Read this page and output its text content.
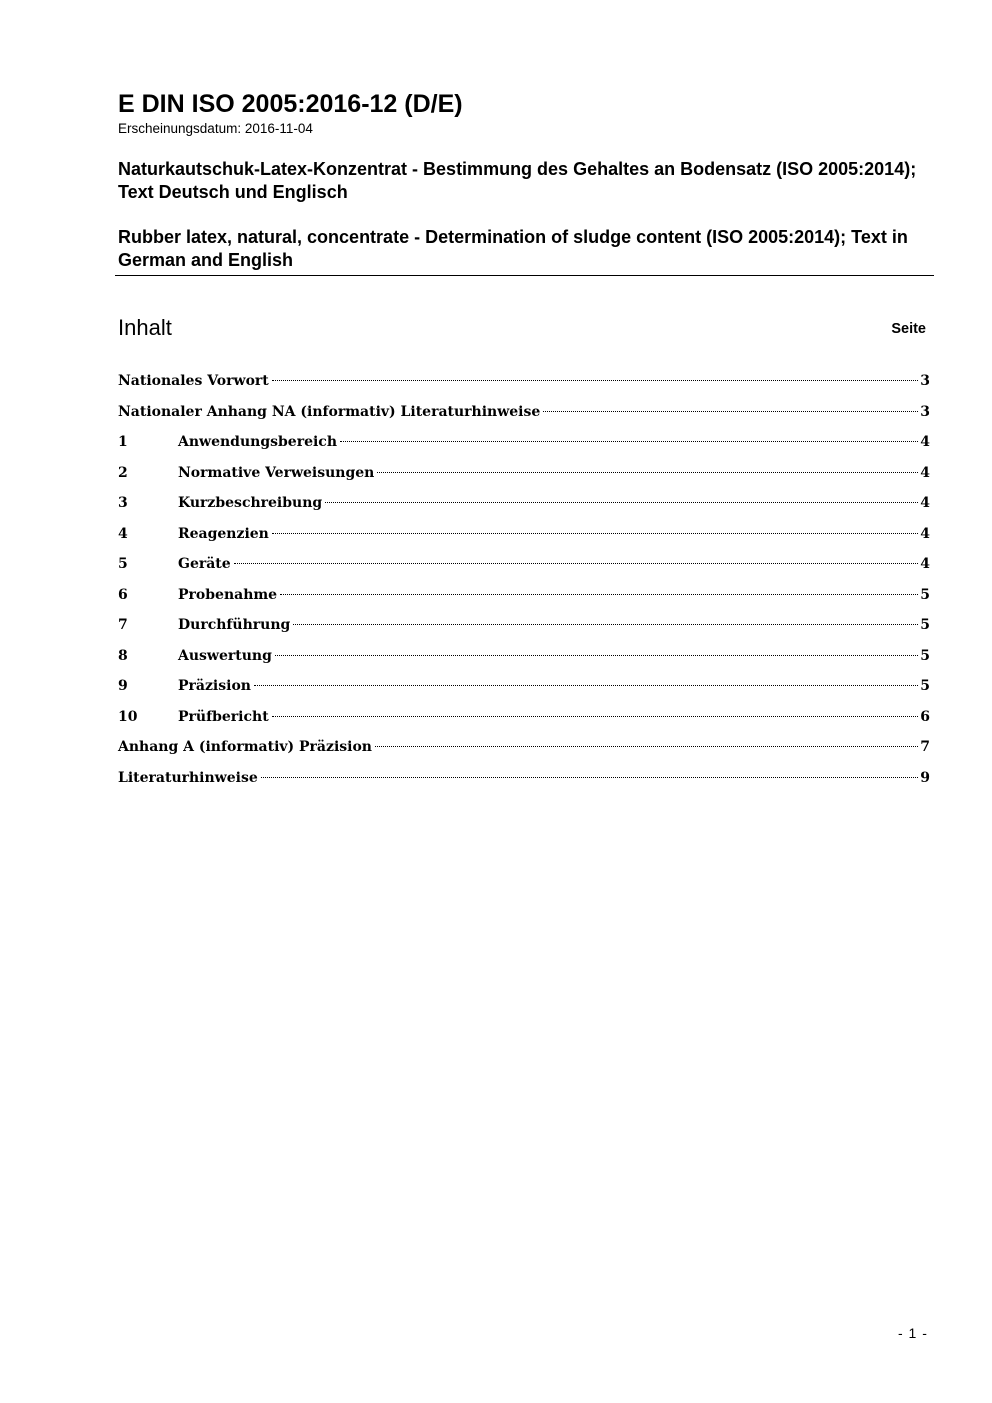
E DIN ISO 2005:2016-12 (D/E)

Erscheinungsdatum: 2016-11-04

Naturkautschuk-Latex-Konzentrat - Bestimmung des Gehaltes an Bodensatz (ISO 2005:2014); Text Deutsch und Englisch

Rubber latex, natural, concentrate - Determination of sludge content (ISO 2005:2014); Text in German and English

Inhalt	Seite
Nationales Vorwort	3
Nationaler Anhang NA (informativ) Literaturhinweise	3
1	Anwendungsbereich	4
2	Normative Verweisungen	4
3	Kurzbeschreibung	4
4	Reagenzien	4
5	Geräte	4
6	Probenahme	5
7	Durchführung	5
8	Auswertung	5
9	Präzision	5
10	Prüfbericht	6
Anhang A (informativ) Präzision	7
Literaturhinweise	9
- 1 -
